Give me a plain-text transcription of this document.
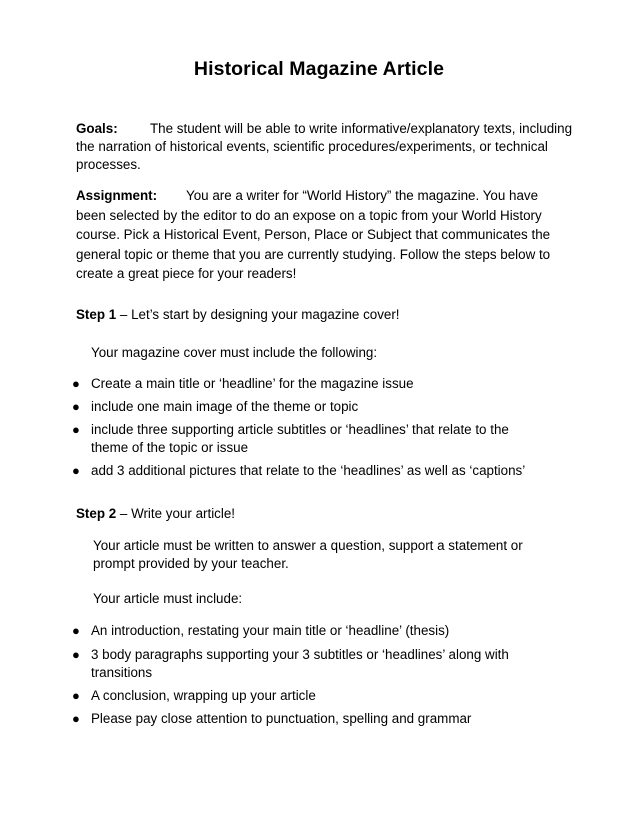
Historical Magazine Article
Goals: The student will be able to write informative/explanatory texts, including the narration of historical events, scientific procedures/experiments, or technical processes.
Assignment: You are a writer for “World History” the magazine. You have been selected by the editor to do an expose on a topic from your World History course. Pick a Historical Event, Person, Place or Subject that communicates the general topic or theme that you are currently studying. Follow the steps below to create a great piece for your readers!
Step 1 – Let’s start by designing your magazine cover!
Your magazine cover must include the following:
● Create a main title or ‘headline’ for the magazine issue
● include one main image of the theme or topic
● include three supporting article subtitles or ‘headlines’ that relate to the theme of the topic or issue
● add 3 additional pictures that relate to the ‘headlines’ as well as ‘captions’
Step 2 – Write your article!
Your article must be written to answer a question, support a statement or prompt provided by your teacher.
Your article must include:
● An introduction, restating your main title or ‘headline’ (thesis)
● 3 body paragraphs supporting your 3 subtitles or ‘headlines’ along with transitions
● A conclusion, wrapping up your article
● Please pay close attention to punctuation, spelling and grammar
